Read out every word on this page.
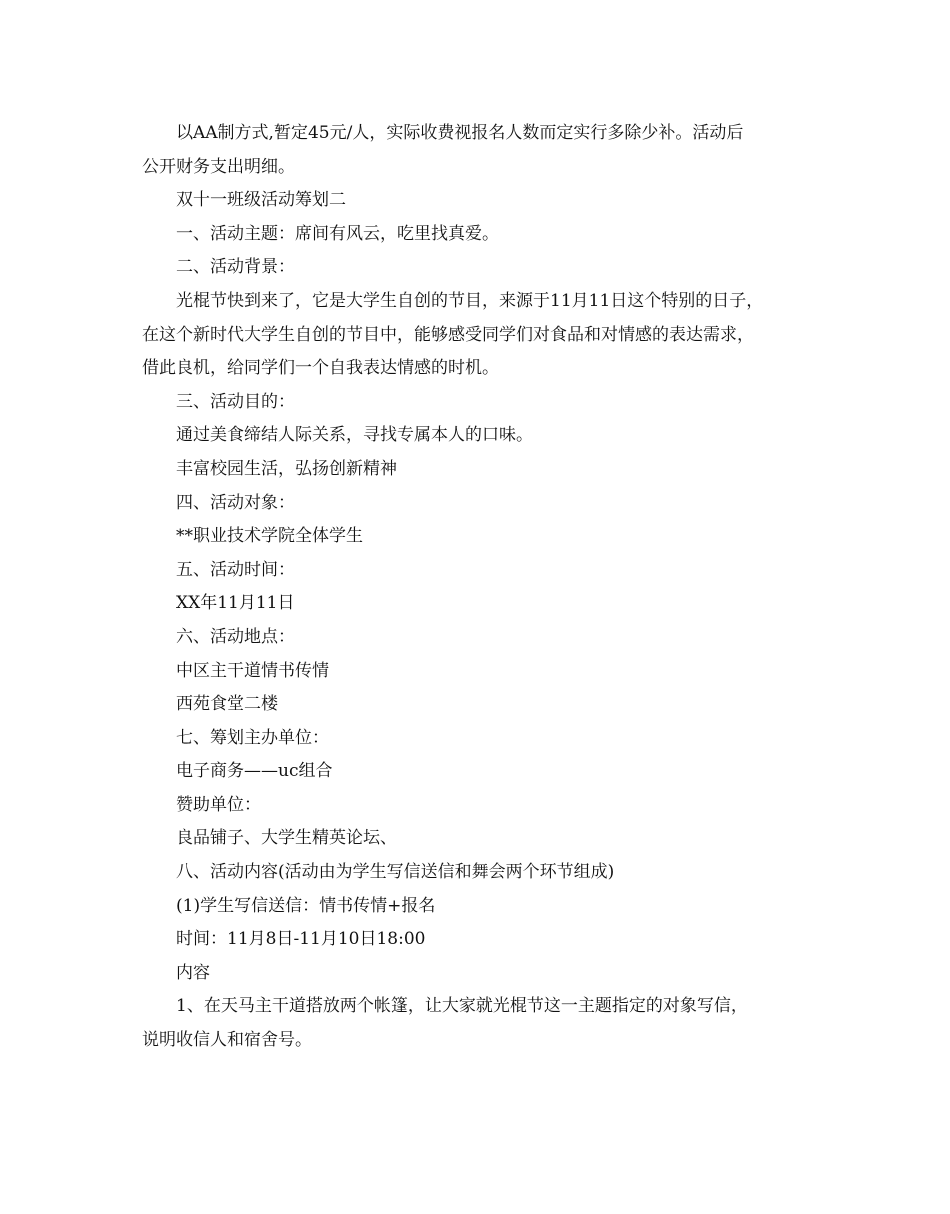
以AA制方式,暂定45元/人，实际收费视报名人数而定实行多除少补。活动后
公开财务支出明细。
双十一班级活动筹划二
一、活动主题：席间有风云，吃里找真爱。
二、活动背景：
光棍节快到来了，它是大学生自创的节目，来源于11月11日这个特别的日子，
在这个新时代大学生自创的节目中，能够感受同学们对食品和对情感的表达需求，
借此良机，给同学们一个自我表达情感的时机。
三、活动目的：
通过美食缔结人际关系，寻找专属本人的口味。
丰富校园生活，弘扬创新精神
四、活动对象：
**职业技术学院全体学生
五、活动时间：
XX年11月11日
六、活动地点：
中区主干道情书传情
西苑食堂二楼
七、筹划主办单位：
电子商务——uc组合
赞助单位：
良品铺子、大学生精英论坛、
八、活动内容(活动由为学生写信送信和舞会两个环节组成)
(1)学生写信送信：情书传情+报名
时间：11月8日-11月10日18:00
内容
1、在天马主干道搭放两个帐篷，让大家就光棍节这一主题指定的对象写信，
说明收信人和宿舍号。
